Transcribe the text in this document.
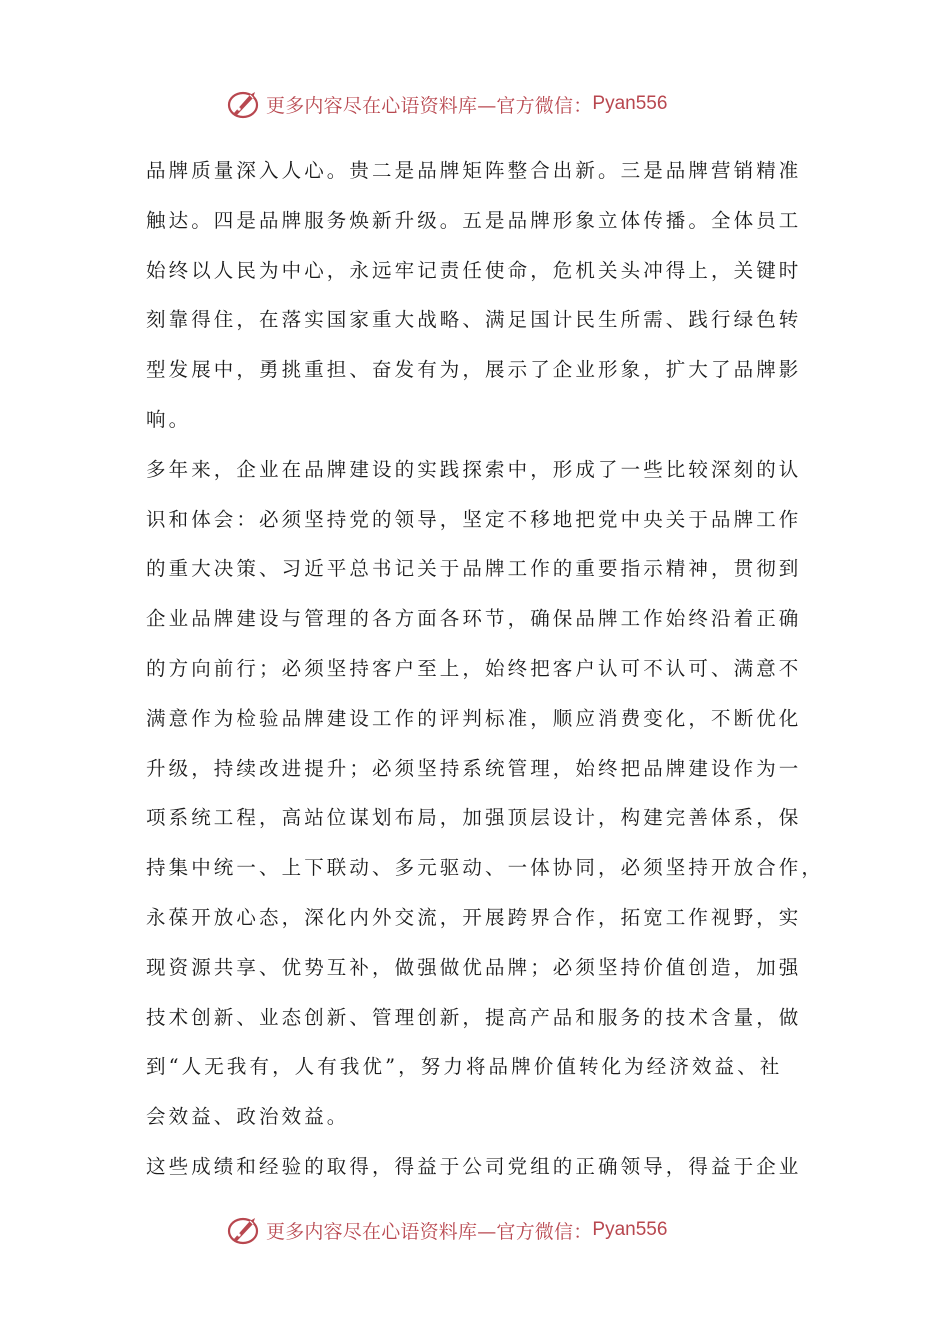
更多内容尽在心语资料库—官方微信： Pyan556
品牌质量深入人心。贵二是品牌矩阵整合出新。三是品牌营销精准
触达。四是品牌服务焕新升级。五是品牌形象立体传播。全体员工
始终以人民为中心，永远牢记责任使命，危机关头冲得上，关键时
刻靠得住，在落实国家重大战略、满足国计民生所需、践行绿色转
型发展中，勇挑重担、奋发有为，展示了企业形象，扩大了品牌影
响。
多年来，企业在品牌建设的实践探索中，形成了一些比较深刻的认
识和体会：必须坚持党的领导，坚定不移地把党中央关于品牌工作
的重大决策、习近平总书记关于品牌工作的重要指示精神，贯彻到
企业品牌建设与管理的各方面各环节，确保品牌工作始终沿着正确
的方向前行；必须坚持客户至上，始终把客户认可不认可、满意不
满意作为检验品牌建设工作的评判标准，顺应消费变化，不断优化
升级，持续改进提升；必须坚持系统管理，始终把品牌建设作为一
项系统工程，高站位谋划布局，加强顶层设计，构建完善体系，保
持集中统一、上下联动、多元驱动、一体协同，必须坚持开放合作，
永葆开放心态，深化内外交流，开展跨界合作，拓宽工作视野，实
现资源共享、优势互补，做强做优品牌；必须坚持价值创造，加强
技术创新、业态创新、管理创新，提高产品和服务的技术含量，做
到“人无我有，人有我优”，努力将品牌价值转化为经济效益、社
会效益、政治效益。
这些成绩和经验的取得，得益于公司党组的正确领导，得益于企业
更多内容尽在心语资料库—官方微信： Pyan556
